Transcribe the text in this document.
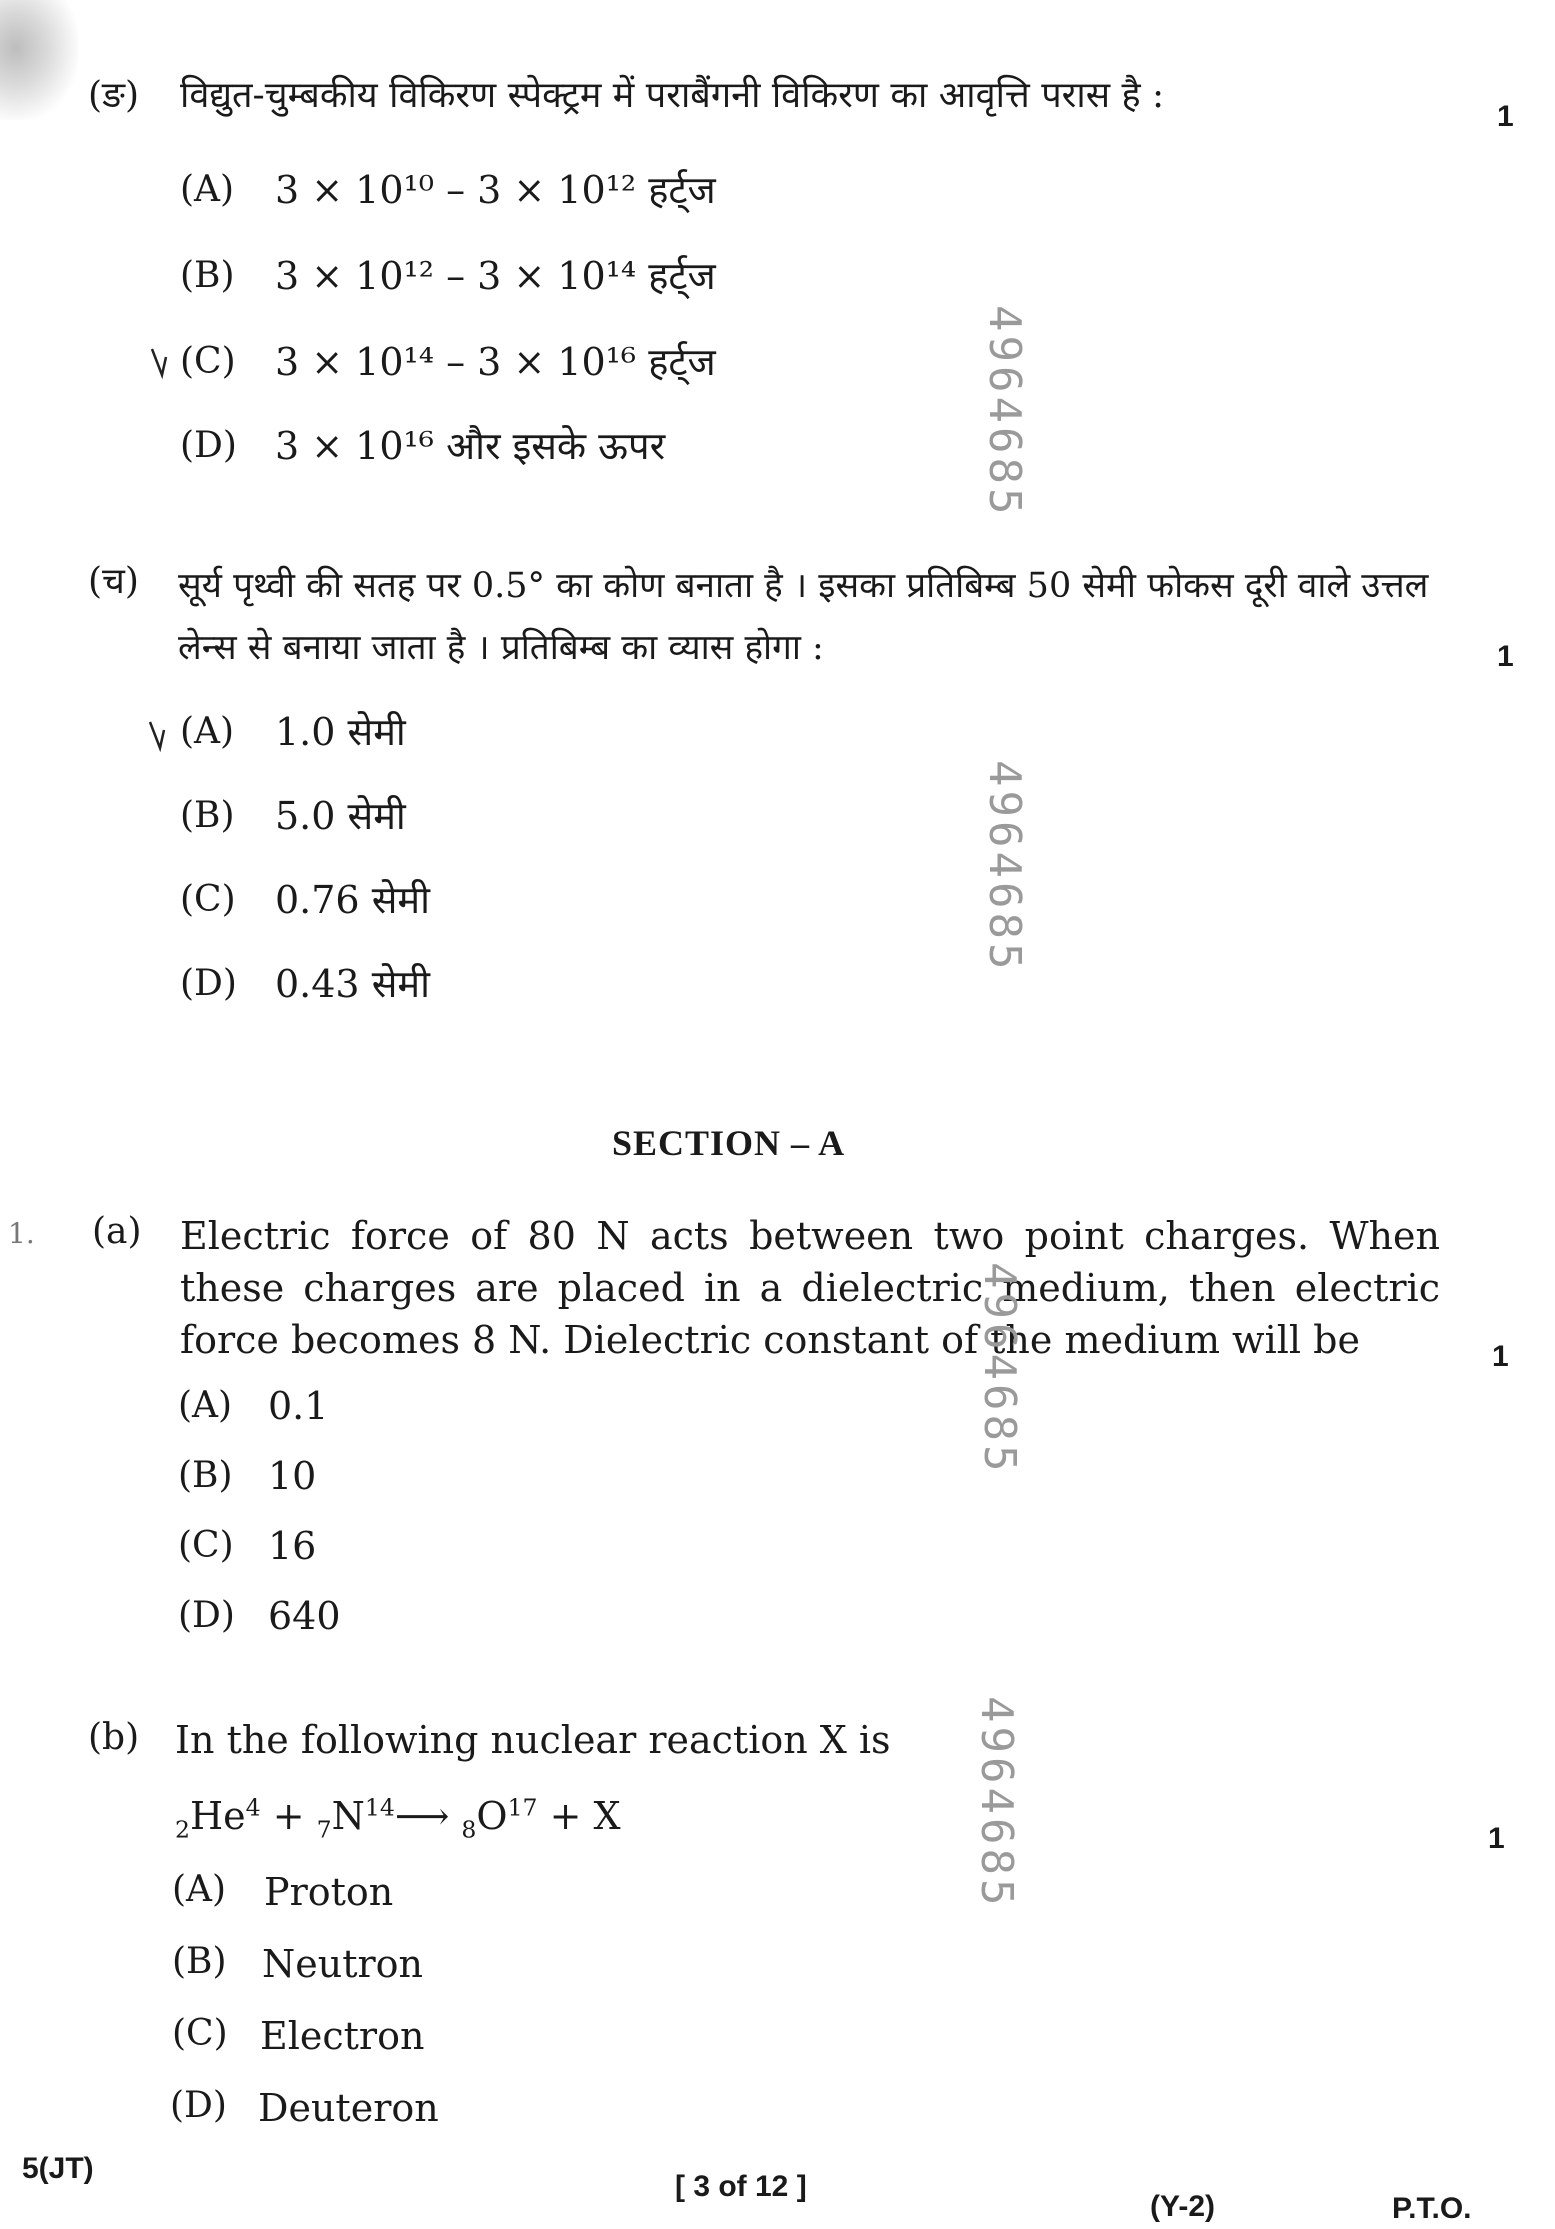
(ङ) विद्युत-चुम्बकीय विकिरण स्पेक्ट्रम में पराबैंगनी विकिरण का आवृत्ति परास है :
1
(A) 3 × 10¹⁰ – 3 × 10¹² हर्ट्ज
(B) 3 × 10¹² – 3 × 10¹⁴ हर्ट्ज
(C) 3 × 10¹⁴ – 3 × 10¹⁶ हर्ट्ज
(D) 3 × 10¹⁶ और इसके ऊपर	4964685
(च) सूर्य पृथ्वी की सतह पर 0.5° का कोण बनाता है । इसका प्रतिबिम्ब 50 सेमी फोकस दूरी वाले उत्तल
लेन्स से बनाया जाता है । प्रतिबिम्ब का व्यास होगा :	1
(A) 1.0 सेमी
(B) 5.0 सेमी
(C) 0.76 सेमी
(D) 0.43 सेमी
4964685
SECTION – A
1. (a) Electric force of 80 N acts between two point charges. When these charges are placed in a dielectric medium, then electric force becomes 8 N. Dielectric constant of the medium will be	1
(A) 0.1
(B) 10
(C) 16
(D) 640
4964685
(b) In the following nuclear reaction X is
1
$_2He^4$ + $_7N^{14}⟶$ $_8O^{17} + X$
(A) Proton
(B) Neutron
(C) Electron
(D) Deuteron
4964685
5(JT)
[ 3 of 12 ]
(Y-2)	P.T.O.
